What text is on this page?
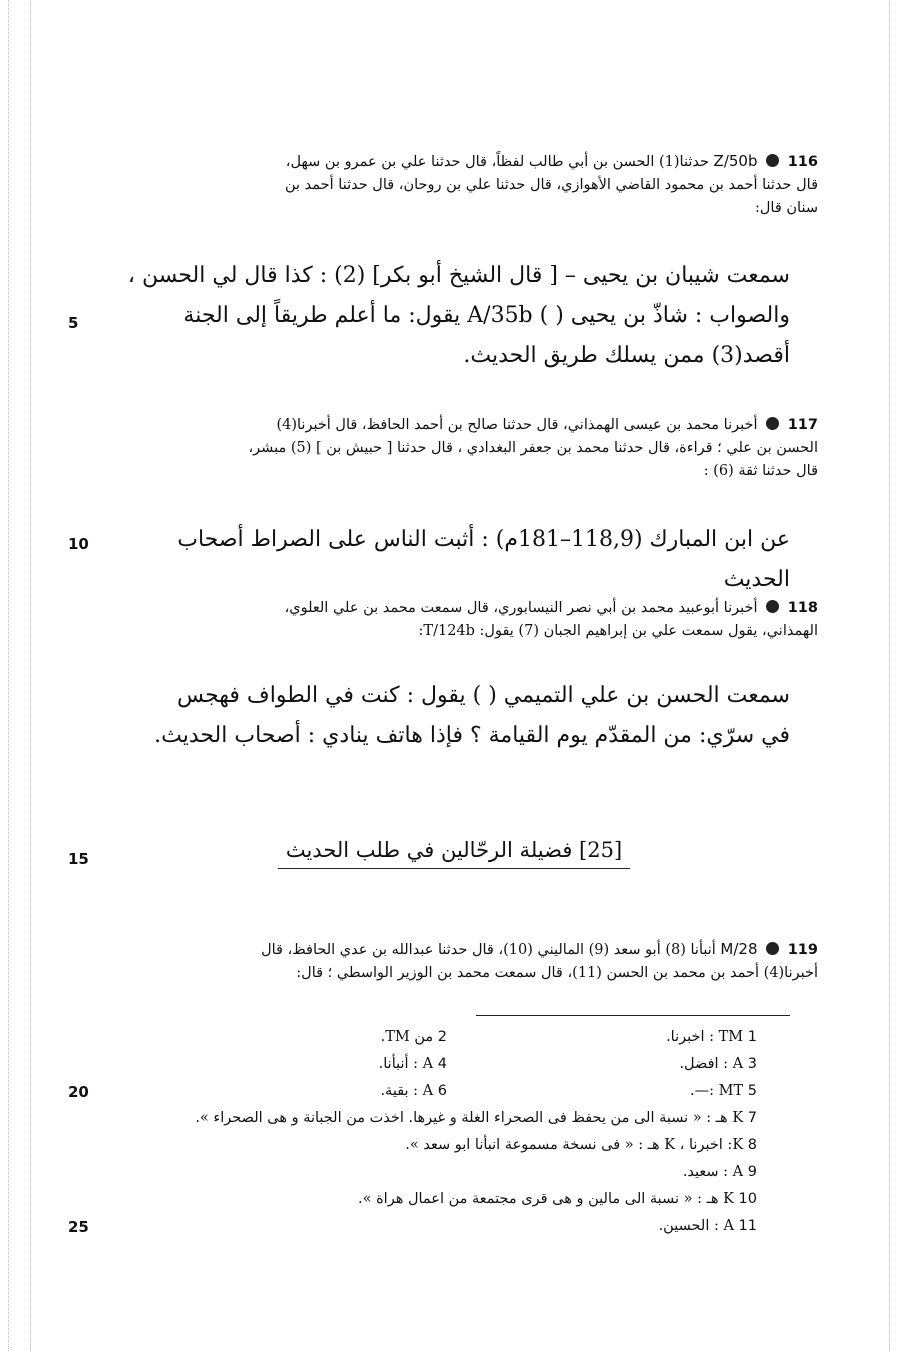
116  Z/50b حدثنا(1) الحسن بن أبي طالب لفظاً، قال حدثنا علي بن عمرو بن سهل،
قال حدثنا أحمد بن محمود القاضي الأهوازي، قال حدثنا علي بن روحان، قال حدثنا أحمد بن
سنان قال:
سمعت شيبان بن يحيى – [ قال الشيخ أبو بكر] (2) : كذا قال لي الحسن ،
والصواب : شاذّ بن يحيى ( ) A/35b يقول: ما أعلم طريقاً إلى الجنة
أقصد(3) ممن يسلك طريق الحديث.
117  أخبرنا محمد بن عيسى الهمذاني، قال حدثنا صالح بن أحمد الحافظ، قال أخبرنا(4)
الحسن بن علي ؛ قراءة، قال حدثنا محمد بن جعفر البغدادي ، قال حدثنا [ حبيش بن ] (5) مبشر،
قال حدثنا ثقة (6) :
عن ابن المبارك (118,9–181م) : أثبت الناس على الصراط أصحاب الحديث
118  أخبرنا أبوعبيد محمد بن أبي نصر النيسابوري، قال سمعت محمد بن علي العلوي،
الهمذاني، يقول سمعت علي بن إبراهيم الجبان (7) يقول: T/124b:
سمعت الحسن بن علي التميمي ( ) يقول : كنت في الطواف فهجس
في سرّي: من المقدّم يوم القيامة ؟ فإذا هاتف ينادي : أصحاب الحديث.
[25] فضيلة الرحّالين في طلب الحديث
119  M/28 أنبأنا (8) أبو سعد (9) الماليني (10)، قال حدثنا عبدالله بن عدي الحافظ، قال
أخبرنا(4) أحمد بن محمد بن الحسن (11)، قال سمعت محمد بن الوزير الواسطي ؛ قال:
5
10
15
20
25
1 TM : اخبرنا.
3 A : افضل.
5 MT :—.
7 K هـ : « نسبة الى من يحفظ فى الصحراء الغلة و غيرها. اخذت من الجبانة و هى الصحراء ».
8 K: اخبرنا ، K هـ : « فى نسخة مسموعة انبأنا ابو سعد ».
9 A : سعيد.
10 K هـ : « نسبة الى مالين و هى قرى مجتمعة من اعمال هراة ».
11 A : الحسين.
2 من TM.
4 A : أنبأنا.
6 A : بقية.
